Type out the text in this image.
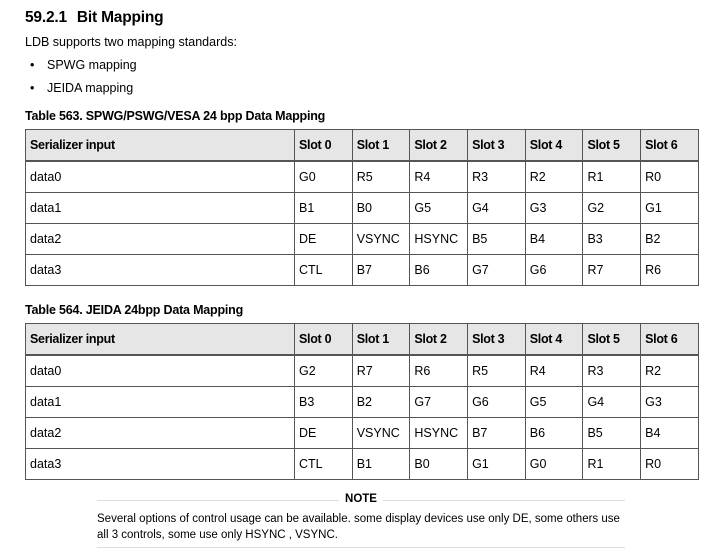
59.2.1 Bit Mapping
LDB supports two mapping standards:
• SPWG mapping
• JEIDA mapping
Table 563. SPWG/PSWG/VESA 24 bpp Data Mapping
Serializer input	Slot 0	Slot 1	Slot 2	Slot 3	Slot 4	Slot 5	Slot 6
data0	G0	R5	R4	R3	R2	R1	R0
data1	B1	B0	G5	G4	G3	G2	G1
data2	DE	VSYNC	HSYNC	B5	B4	B3	B2
data3	CTL	B7	B6	G7	G6	R7	R6
Table 564. JEIDA 24bpp Data Mapping
Serializer input	Slot 0	Slot 1	Slot 2	Slot 3	Slot 4	Slot 5	Slot 6
data0	G2	R7	R6	R5	R4	R3	R2
data1	B3	B2	G7	G6	G5	G4	G3
data2	DE	VSYNC	HSYNC	B7	B6	B5	B4
data3	CTL	B1	B0	G1	G0	R1	R0
NOTE
Several options of control usage can be available. some display devices use only DE, some others use all 3 controls, some use only HSYNC , VSYNC.
